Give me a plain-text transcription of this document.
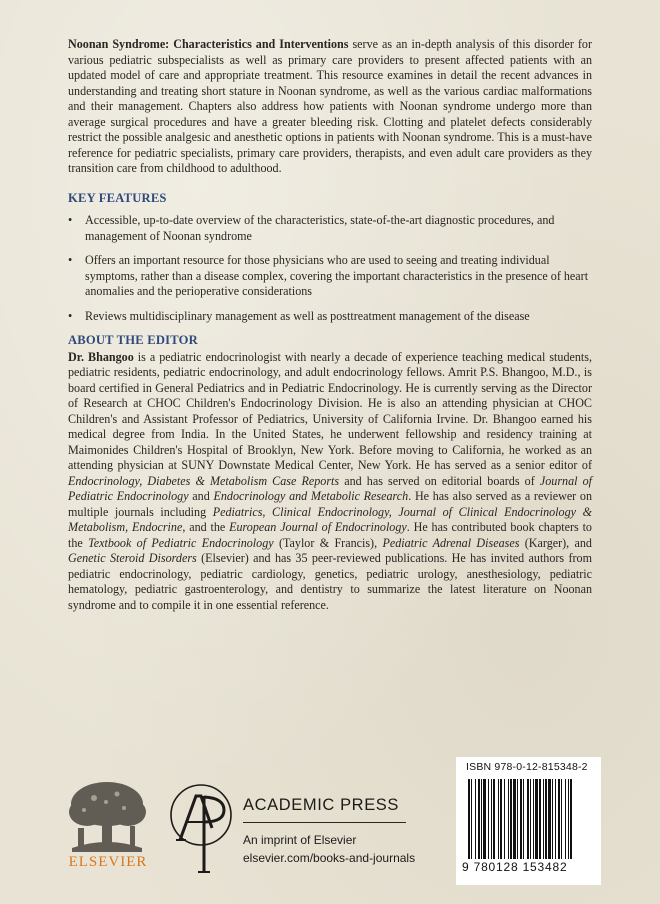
Noonan Syndrome: Characteristics and Interventions serve as an in-depth analysis of this disorder for various pediatric subspecialists as well as primary care providers to present affected patients with an updated model of care and appropriate treatment. This resource examines in detail the recent advances in understanding and treating short stature in Noonan syndrome, as well as the various cardiac malformations and their management. Chapters also address how patients with Noonan syndrome undergo more than average surgical procedures and have a greater bleeding risk. Clotting and platelet defects considerably restrict the possible analgesic and anesthetic options in patients with Noonan syndrome. This is a must-have reference for pediatric specialists, primary care providers, therapists, and even adult care providers as they transition care from childhood to adulthood.

KEY FEATURES
• Accessible, up-to-date overview of the characteristics, state-of-the-art diagnostic procedures, and management of Noonan syndrome
• Offers an important resource for those physicians who are used to seeing and treating individual symptoms, rather than a disease complex, covering the important characteristics in the presence of heart anomalies and the perioperative considerations
• Reviews multidisciplinary management as well as posttreatment management of the disease
ABOUT THE EDITOR

Dr. Bhangoo is a pediatric endocrinologist with nearly a decade of experience teaching medical students, pediatric residents, pediatric endocrinology, and adult endocrinology fellows. Amrit P.S. Bhangoo, M.D., is board certified in General Pediatrics and in Pediatric Endocrinology. He is currently serving as the Director of Research at CHOC Children's Endocrinology Division. He is also an attending physician at CHOC Children's and Assistant Professor of Pediatrics, University of California Irvine. Dr. Bhangoo earned his medical degree from India. In the United States, he underwent fellowship and residency training at Maimonides Children's Hospital of Brooklyn, New York. Before moving to California, he worked as an attending physician at SUNY Downstate Medical Center, New York. He has served as a senior editor of Endocrinology, Diabetes & Metabolism Case Reports and has served on editorial boards of Journal of Pediatric Endocrinology and Endocrinology and Metabolic Research. He has also served as a reviewer on multiple journals including Pediatrics, Clinical Endocrinology, Journal of Clinical Endocrinology & Metabolism, Endocrine, and the European Journal of Endocrinology. He has contributed book chapters to the Textbook of Pediatric Endocrinology (Taylor & Francis), Pediatric Adrenal Diseases (Karger), and Genetic Steroid Disorders (Elsevier) and has 35 peer-reviewed publications. He has invited authors from pediatric endocrinology, pediatric cardiology, genetics, pediatric urology, anesthesiology, pediatric hematology, pediatric gastroenterology, and dentistry to summarize the latest literature on Noonan syndrome and to compile it in one essential reference.

ELSEVIER
ACADEMIC PRESS
An imprint of Elsevier
elsevier.com/books-and-journals
ISBN 978-0-12-815348-2
9 780128 153482
